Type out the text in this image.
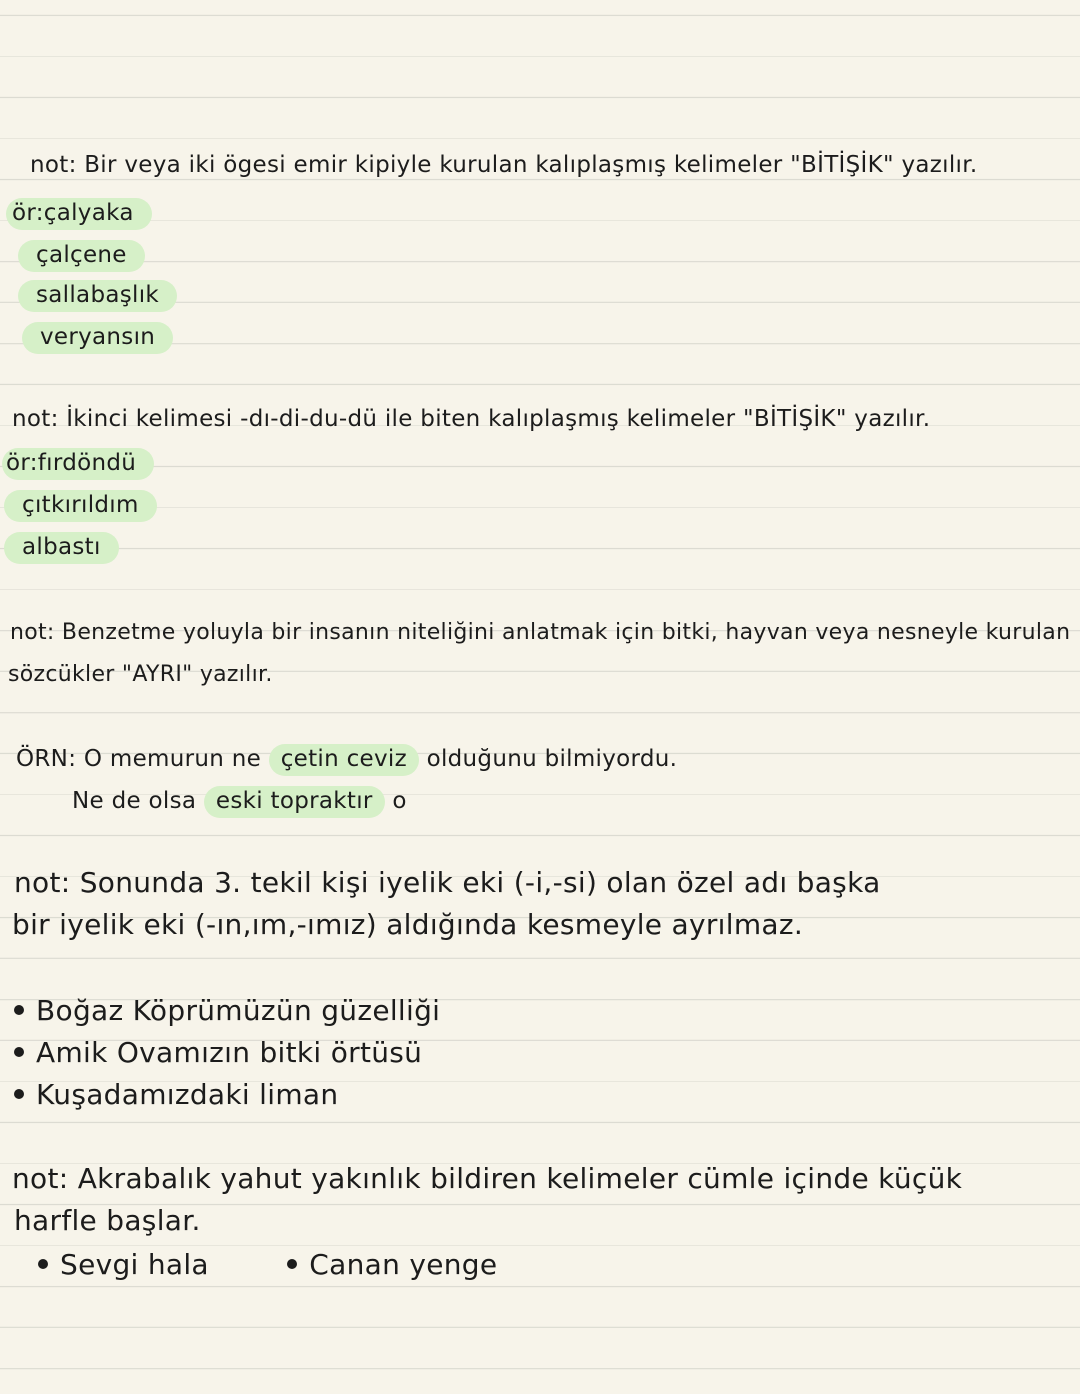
not: Bir veya iki ögesi emir kipiyle kurulan kalıplaşmış kelimeler "BİTİŞİK" yazılır.
ör:çalyaka
çalçene
sallabaşlık
veryansın
not: İkinci kelimesi -dı-di-du-dü ile biten kalıplaşmış kelimeler "BİTİŞİK" yazılır.
ör:fırdöndü
çıtkırıldım
albastı
not: Benzetme yoluyla bir insanın niteliğini anlatmak için bitki, hayvan veya nesneyle kurulan
sözcükler "AYRI" yazılır.
ÖRN: O memurun ne çetin ceviz olduğunu bilmiyordu.
Ne de olsa eski topraktır o
not: Sonunda 3. tekil kişi iyelik eki (-i,-si) olan özel adı başka
bir iyelik eki (-ın,ım,-ımız) aldığında kesmeyle ayrılmaz.
Boğaz Köprümüzün güzelliği
Amik Ovamızın bitki örtüsü
Kuşadamızdaki liman
not: Akrabalık yahut yakınlık bildiren kelimeler cümle içinde küçük
harfle başlar.
Sevgi hala	Canan yenge
